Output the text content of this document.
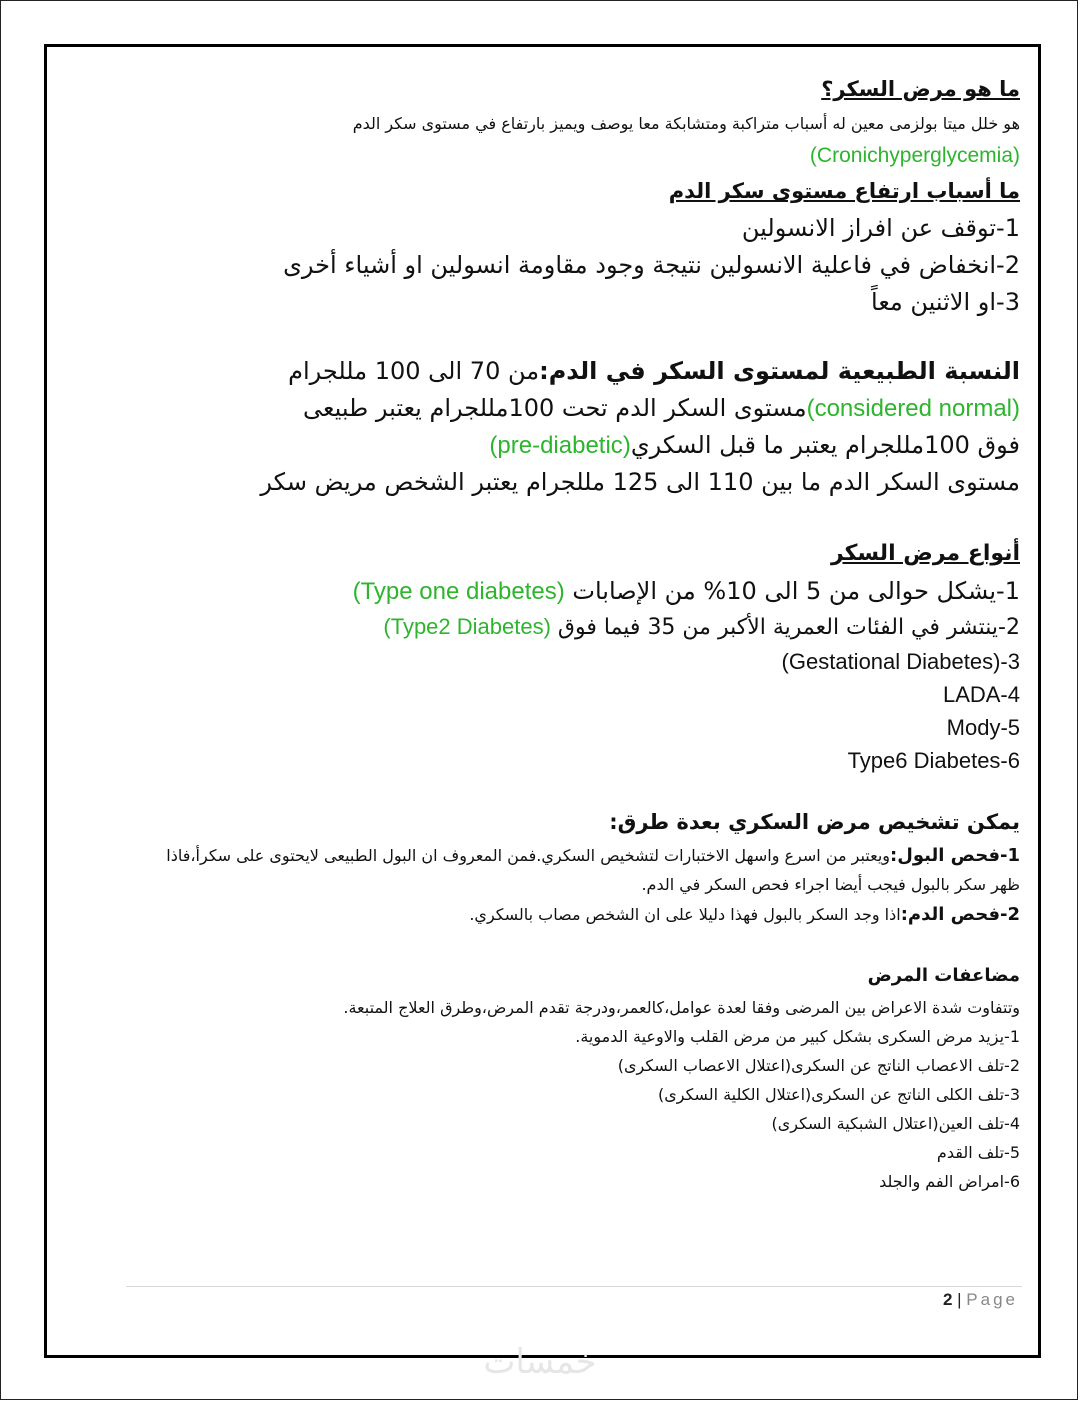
ما هو مرض السكر؟
هو خلل ميتا بولزمى معين له أسباب متراكبة ومتشابكة معا يوصف ويميز بارتفاع في مستوى سكر الدم
(Cronichyperglycemia)
ما أسباب ارتفاع مستوى سكر الدم
1-توقف عن افراز الانسولين
2-انخفاض في فاعلية الانسولين نتيجة وجود مقاومة انسولين او أشياء أخرى
3-او الاثنين معاً
النسبة الطبيعية لمستوى السكر في الدم:من 70 الى 100 مللجرام
(considered normal)مستوى السكر الدم تحت 100مللجرام يعتبر طبيعى
فوق 100مللجرام يعتبر ما قبل السكري(pre-diabetic)
مستوى السكر الدم ما بين 110 الى 125 مللجرام يعتبر الشخص مريض سكر
أنواع مرض السكر
1-يشكل حوالى من 5 الى 10% من الإصابات (Type one diabetes)
2-ينتشر في الفئات العمرية الأكبر من 35 فيما فوق (Type2 Diabetes)
(Gestational Diabetes)-3
LADA-4
Mody-5
Type6 Diabetes-6
يمكن تشخيص مرض السكري بعدة طرق:
1-فحص البول:ويعتبر من اسرع واسهل الاختبارات لتشخيص السكري.فمن المعروف ان البول الطبيعى لايحتوى على سكرأ،فاذا
ظهر سكر بالبول فيجب أيضا اجراء فحص السكر في الدم.
2-فحص الدم:اذا وجد السكر بالبول فهذا دليلا على ان الشخص مصاب بالسكري.
مضاعفات المرض
وتتفاوت شدة الاعراض بين المرضى وفقا لعدة عوامل،كالعمر،ودرجة تقدم المرض،وطرق العلاج المتبعة.
1-يزيد مرض السكرى بشكل كبير من مرض القلب والاوعية الدموية.
2-تلف الاعصاب الناتج عن السكرى(اعتلال الاعصاب السكرى)
3-تلف الكلى الناتج عن السكرى(اعتلال الكلية السكرى)
4-تلف العين(اعتلال الشبكية السكرى)
5-تلف القدم
6-امراض الفم والجلد
2 | Page
خمسات
